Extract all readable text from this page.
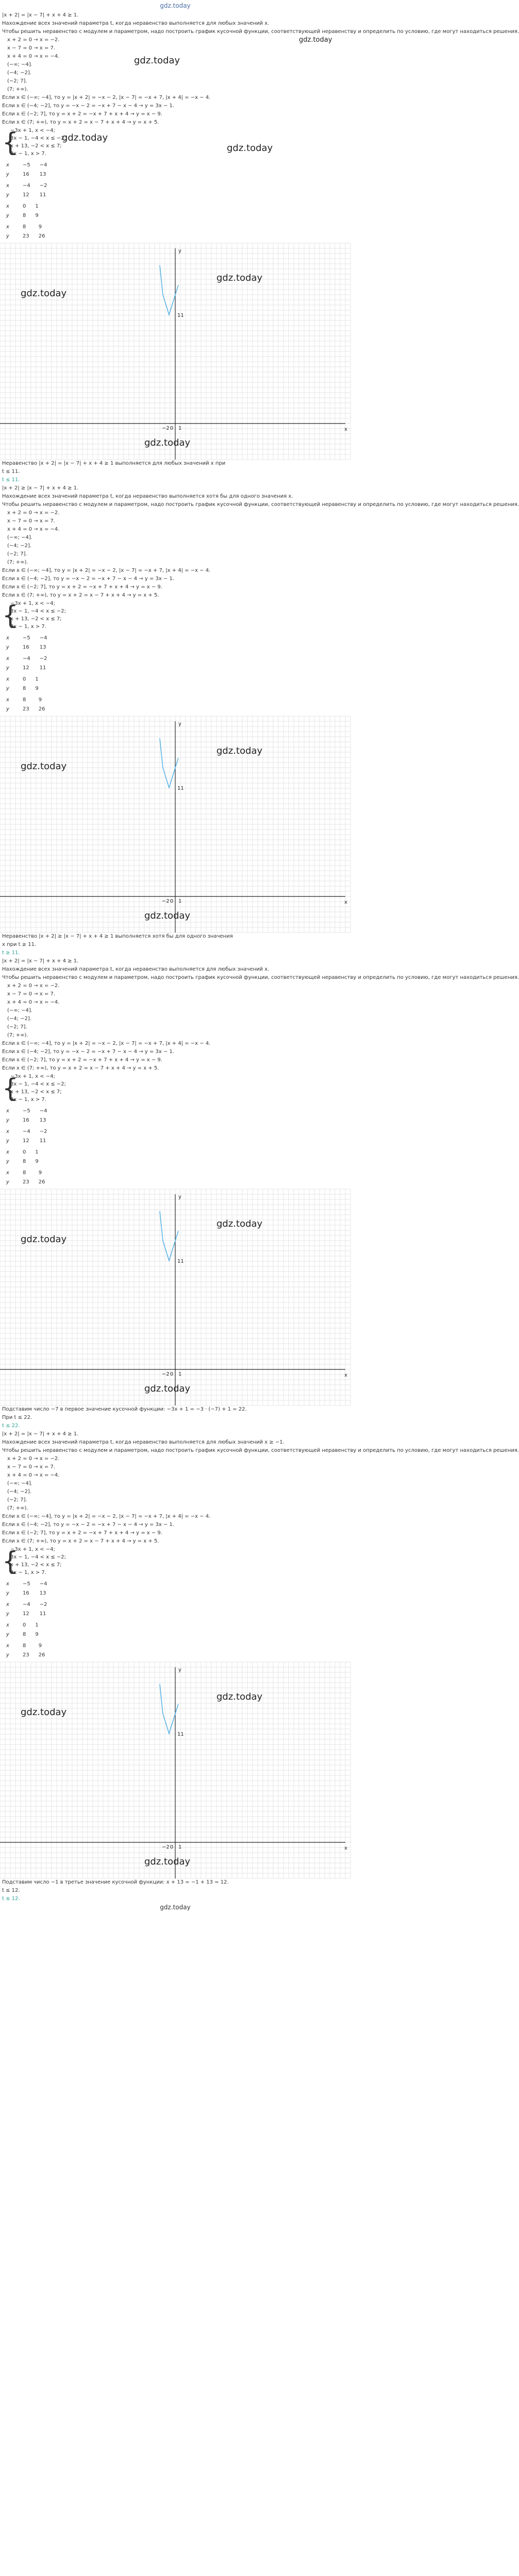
gdz.today
|x + 2| = |x − 7| + x + 4 ≥ 1.
Нахождение всех значений параметра t, когда неравенство выполняется для любых значений x.
Чтобы решить неравенство с модулем и параметром, надо построить график кусочной функции, соответствующей неравенству и определить по условию, где могут находиться решения.
x + 2 = 0 → x = −2.
x − 7 = 0 → x = 7.
x + 4 = 0 → x = −4.
(−∞; −4].
(−4; −2].
(−2; 7].
(7; +∞).
Если x ∈ (−∞; −4], то y = |x + 2| = −x − 2, |x − 7| = −x + 7, |x + 4| = −x − 4.
Если x ∈ (−4; −2], то y = −x − 2 = −x + 7 − x − 4 → y = 3x − 1.
Если x ∈ (−2; 7], то y = x + 2 = −x + 7 + x + 4 → y = x − 9.
Если x ∈ (7; +∞), то y = x + 2 = x − 7 + x + 4 → y = x + 5.
{
−3x + 1, x < −4;
3x − 1, −4 < x ≤ −2;
x + 13, −2 < x ≤ 7;
3x − 1, x > 7.
x	−5	−4
y	16	13
x	−4	−2
y	12	11
x	0	1
y	8	9
x	8	9
y	23	26
x
y
0 1
−2
11
gdz.today
gdz.today
gdz.today
Неравенство |x + 2| = |x − 7| + x + 4 ≥ 1 выполняется для любых значений x при
t ≤ 11.
t ≤ 11.
|x + 2| ≥ |x − 7| + x + 4 ≥ 1.
Нахождение всех значений параметра t, когда неравенство выполняется хотя бы для одного значения x.
Чтобы решить неравенство с модулем и параметром, надо построить график кусочной функции, соответствующей неравенству и определить по условию, где могут находиться решения.
x + 2 = 0 → x = −2.
x − 7 = 0 → x = 7.
x + 4 = 0 → x = −4.
(−∞; −4].
(−4; −2].
(−2; 7].
(7; +∞).
Если x ∈ (−∞; −4], то y = |x + 2| = −x − 2, |x − 7| = −x + 7, |x + 4| = −x − 4.
Если x ∈ (−4; −2], то y = −x − 2 = −x + 7 − x − 4 → y = 3x − 1.
Если x ∈ (−2; 7], то y = x + 2 = −x + 7 + x + 4 → y = x − 9.
Если x ∈ (7; +∞), то y = x + 2 = x − 7 + x + 4 → y = x + 5.
{
−3x + 1, x < −4;
3x − 1, −4 < x ≤ −2;
x + 13, −2 < x ≤ 7;
3x − 1, x > 7.
x	−5	−4
y	16	13
x	−4	−2
y	12	11
x	0	1
y	8	9
x	8	9
y	23	26
x
y
0 1
−2
11
gdz.today
gdz.today
gdz.today
Неравенство |x + 2| ≥ |x − 7| + x + 4 ≥ 1 выполняется хотя бы для одного значения
x при t ≥ 11.
t ≥ 11.
|x + 2| = |x − 7| + x + 4 ≥ 1.
Нахождение всех значений параметра t, когда неравенство выполняется для любых значений x.
Чтобы решить неравенство с модулем и параметром, надо построить график кусочной функции, соответствующей неравенству и определить по условию, где могут находиться решения.
x + 2 = 0 → x = −2.
x − 7 = 0 → x = 7.
x + 4 = 0 → x = −4.
(−∞; −4].
(−4; −2].
(−2; 7].
(7; +∞).
Если x ∈ (−∞; −4], то y = |x + 2| = −x − 2, |x − 7| = −x + 7, |x + 4| = −x − 4.
Если x ∈ (−4; −2], то y = −x − 2 = −x + 7 − x − 4 → y = 3x − 1.
Если x ∈ (−2; 7], то y = x + 2 = −x + 7 + x + 4 → y = x − 9.
Если x ∈ (7; +∞), то y = x + 2 = x − 7 + x + 4 → y = x + 5.
{
−3x + 1, x < −4;
3x − 1, −4 < x ≤ −2;
x + 13, −2 < x ≤ 7;
3x − 1, x > 7.
x	−5	−4
y	16	13
x	−4	−2
y	12	11
x	0	1
y	8	9
x	8	9
y	23	26
x
y
0 1
−2
11
gdz.today
gdz.today
gdz.today
Подставим число −7 в первое значение кусочной функции: −3x + 1 = −3 · (−7) + 1 = 22.
При t ≤ 22.
t ≤ 22.
|x + 2| = |x − 7| + x + 4 ≥ 1.
Нахождение всех значений параметра t, когда неравенство выполняется для любых значений x ≥ −1.
Чтобы решить неравенство с модулем и параметром, надо построить график кусочной функции, соответствующей неравенству и определить по условию, где могут находиться решения.
x + 2 = 0 → x = −2.
x − 7 = 0 → x = 7.
x + 4 = 0 → x = −4.
(−∞; −4].
(−4; −2].
(−2; 7].
(7; +∞).
Если x ∈ (−∞; −4], то y = |x + 2| = −x − 2, |x − 7| = −x + 7, |x + 4| = −x − 4.
Если x ∈ (−4; −2], то y = −x − 2 = −x + 7 − x − 4 → y = 3x − 1.
Если x ∈ (−2; 7], то y = x + 2 = −x + 7 + x + 4 → y = x − 9.
Если x ∈ (7; +∞), то y = x + 2 = x − 7 + x + 4 → y = x + 5.
{
−3x + 1, x < −4;
3x − 1, −4 < x ≤ −2;
x + 13, −2 < x ≤ 7;
3x − 1, x > 7.
x	−5	−4
y	16	13
x	−4	−2
y	12	11
x	0	1
y	8	9
x	8	9
y	23	26
x
y
0 1
−2
11
gdz.today
gdz.today
gdz.today
Подставим число −1 в третье значение кусочной функции: x + 13 = −1 + 13 = 12.
t ≤ 12.
t ≤ 12.
gdz.today
gdz.today
gdz.today
gdz.today
gdz.today
